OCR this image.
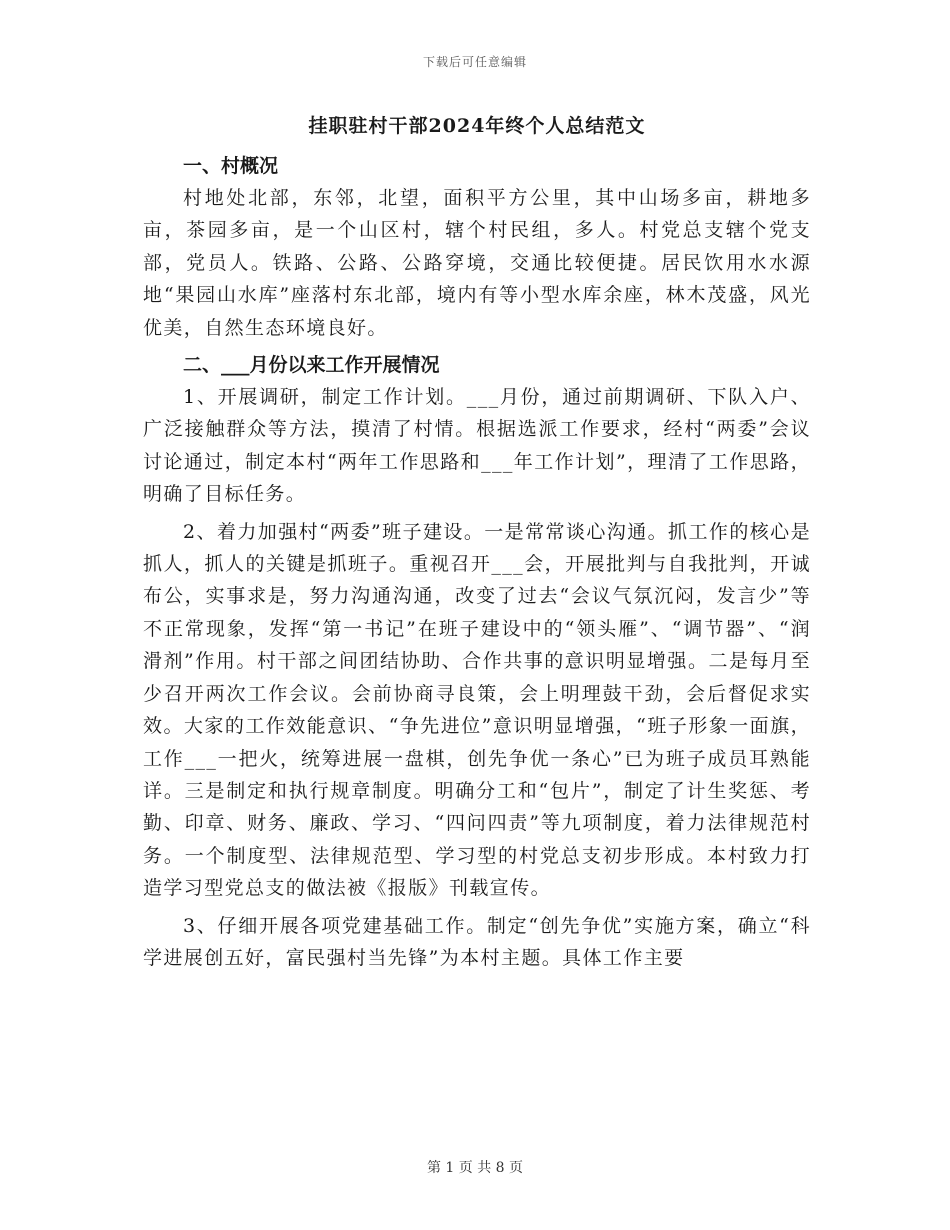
下载后可任意编辑
挂职驻村干部2024年终个人总结范文
一、村概况

村地处北部，东邻，北望，面积平方公里，其中山场多亩，耕地多亩，茶园多亩，是一个山区村，辖个村民组，多人。村党总支辖个党支部，党员人。铁路、公路、公路穿境，交通比较便捷。居民饮用水水源地“果园山水库”座落村东北部，境内有等小型水库余座，林木茂盛，风光优美，自然生态环境良好。

二、___月份以来工作开展情况

1、开展调研，制定工作计划。___月份，通过前期调研、下队入户、广泛接触群众等方法，摸清了村情。根据选派工作要求，经村“两委”会议讨论通过，制定本村“两年工作思路和___年工作计划”，理清了工作思路，明确了目标任务。

2、着力加强村“两委”班子建设。一是常常谈心沟通。抓工作的核心是抓人，抓人的关键是抓班子。重视召开___会，开展批判与自我批判，开诚布公，实事求是，努力沟通沟通，改变了过去“会议气氛沉闷，发言少”等不正常现象，发挥“第一书记”在班子建设中的“领头雁”、“调节器”、“润滑剂”作用。村干部之间团结协助、合作共事的意识明显增强。二是每月至少召开两次工作会议。会前协商寻良策，会上明理鼓干劲，会后督促求实效。大家的工作效能意识、“争先进位”意识明显增强，“班子形象一面旗，工作___一把火，统筹进展一盘棋，创先争优一条心”已为班子成员耳熟能详。三是制定和执行规章制度。明确分工和“包片”，制定了计生奖惩、考勤、印章、财务、廉政、学习、“四问四责”等九项制度，着力法律规范村务。一个制度型、法律规范型、学习型的村党总支初步形成。本村致力打造学习型党总支的做法被《报版》刊载宣传。

3、仔细开展各项党建基础工作。制定“创先争优”实施方案，确立“科学进展创五好，富民强村当先锋”为本村主题。具体工作主要

第 1 页 共 8 页
